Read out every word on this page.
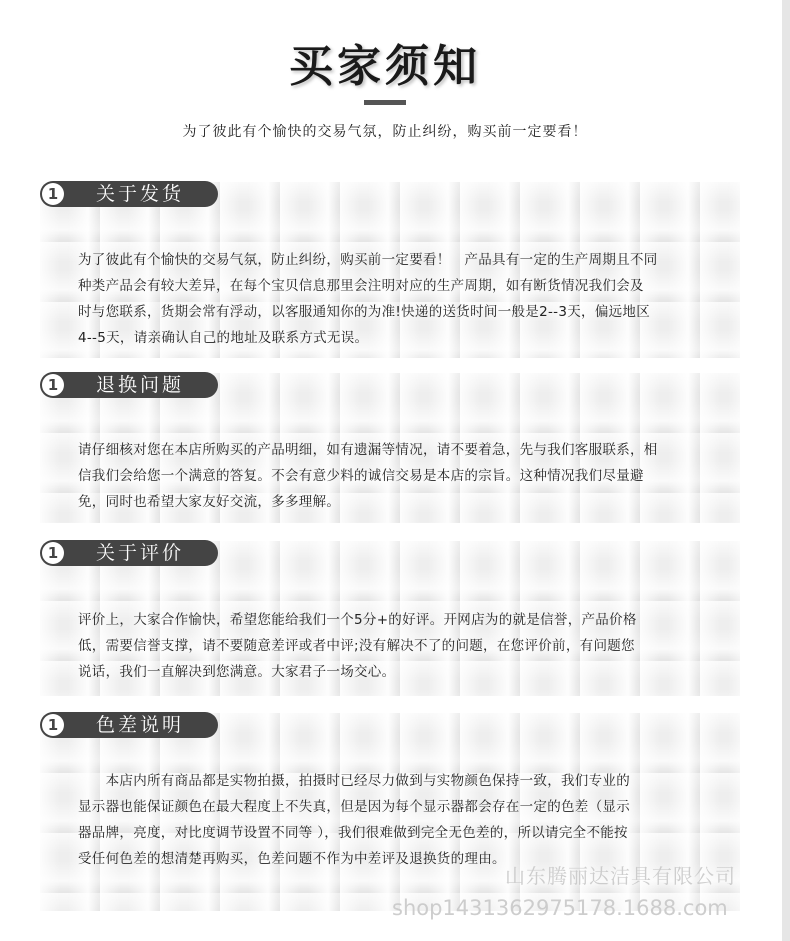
买家须知

为了彼此有个愉快的交易气氛，防止纠纷，购买前一定要看！

1	关于发货
为了彼此有个愉快的交易气氛，防止纠纷，购买前一定要看！　产品具有一定的生产周期且不同
种类产品会有较大差异，在每个宝贝信息那里会注明对应的生产周期，如有断货情况我们会及
时与您联系，货期会常有浮动，以客服通知你的为准!快递的送货时间一般是2--3天，偏远地区
4--5天，请亲确认自己的地址及联系方式无误。
1	退换问题
请仔细核对您在本店所购买的产品明细，如有遗漏等情况，请不要着急，先与我们客服联系，相
信我们会给您一个满意的答复。不会有意少料的诚信交易是本店的宗旨。这种情况我们尽量避
免，同时也希望大家友好交流，多多理解。
1	关于评价
评价上，大家合作愉快，希望您能给我们一个5分+的好评。开网店为的就是信誉，产品价格
低，需要信誉支撑，请不要随意差评或者中评;没有解决不了的问题，在您评价前，有问题您
说话，我们一直解决到您满意。大家君子一场交心。
1	色差说明
　　本店内所有商品都是实物拍摄，拍摄时已经尽力做到与实物颜色保持一致，我们专业的
显示器也能保证颜色在最大程度上不失真，但是因为每个显示器都会存在一定的色差（显示
器品牌，亮度，对比度调节设置不同等 ），我们很难做到完全无色差的，所以请完全不能按
受任何色差的想清楚再购买，色差问题不作为中差评及退换货的理由。
山东腾丽达洁具有限公司
shop1431362975178.1688.com
